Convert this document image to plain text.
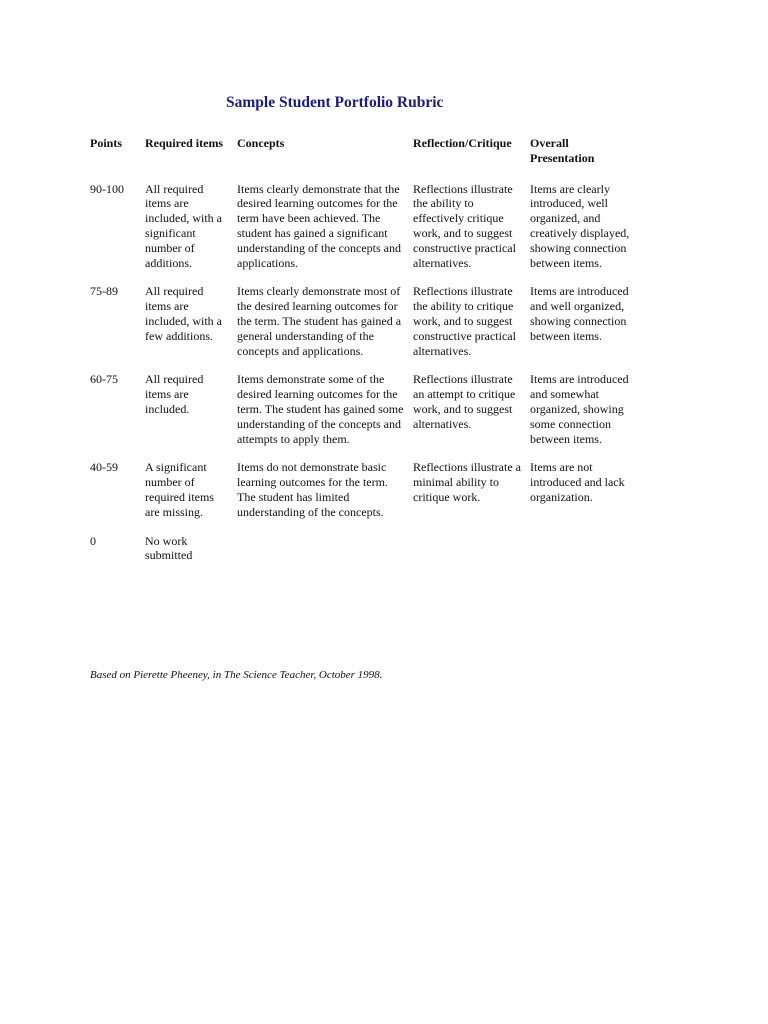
Sample Student Portfolio Rubric
Points	Required items	Concepts	Reflection/Critique	Overall Presentation
90-100	All required items are included, with a significant number of additions.	Items clearly demonstrate that the desired learning outcomes for the term have been achieved. The student has gained a significant understanding of the concepts and applications.	Reflections illustrate the ability to effectively critique work, and to suggest constructive practical alternatives.	Items are clearly introduced, well organized, and creatively displayed, showing connection between items.
75-89	All required items are included, with a few additions.	Items clearly demonstrate most of the desired learning outcomes for the term. The student has gained a general understanding of the concepts and applications.	Reflections illustrate the ability to critique work, and to suggest constructive practical alternatives.	Items are introduced and well organized, showing connection between items.
60-75	All required items are included.	Items demonstrate some of the desired learning outcomes for the term. The student has gained some understanding of the concepts and attempts to apply them.	Reflections illustrate an attempt to critique work, and to suggest alternatives.	Items are introduced and somewhat organized, showing some connection between items.
40-59	A significant number of required items are missing.	Items do not demonstrate basic learning outcomes for the term. The student has limited understanding of the concepts.	Reflections illustrate a minimal ability to critique work.	Items are not introduced and lack organization.
0	No work submitted			
Based on Pierette Pheeney, in The Science Teacher, October 1998.
